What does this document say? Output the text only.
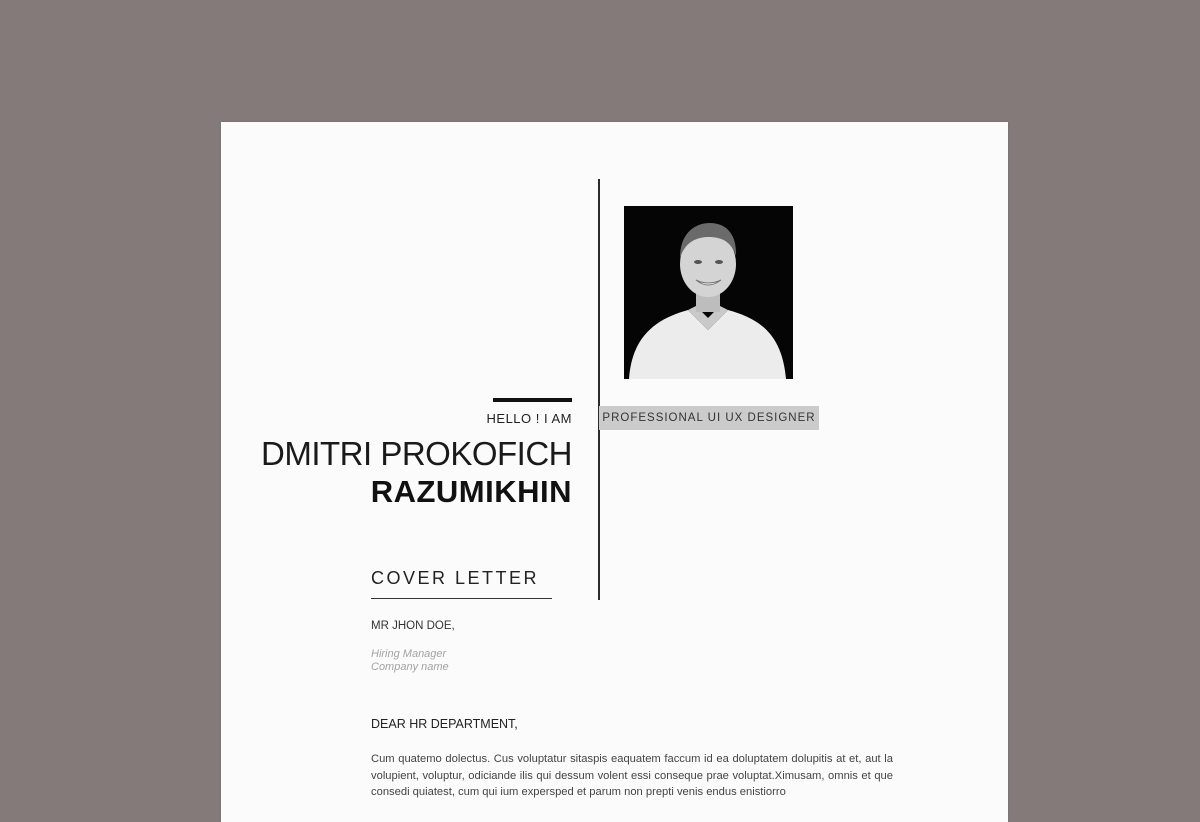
HELLO ! I AM
DMITRI PROKOFICH
RAZUMIKHIN
PROFESSIONAL UI UX DESIGNER
COVER LETTER
MR JHON DOE,
Hiring Manager
Company name
DEAR HR DEPARTMENT,
Cum quatemo dolectus. Cus voluptatur sitaspis eaquatem faccum id ea doluptatem dolupitis at et, aut la volupient, voluptur, odiciande ilis qui dessum volent essi conseque prae voluptat.Ximusam, omnis et que consedi quiatest, cum qui ium expersped et parum non prepti venis endus enistiorro
